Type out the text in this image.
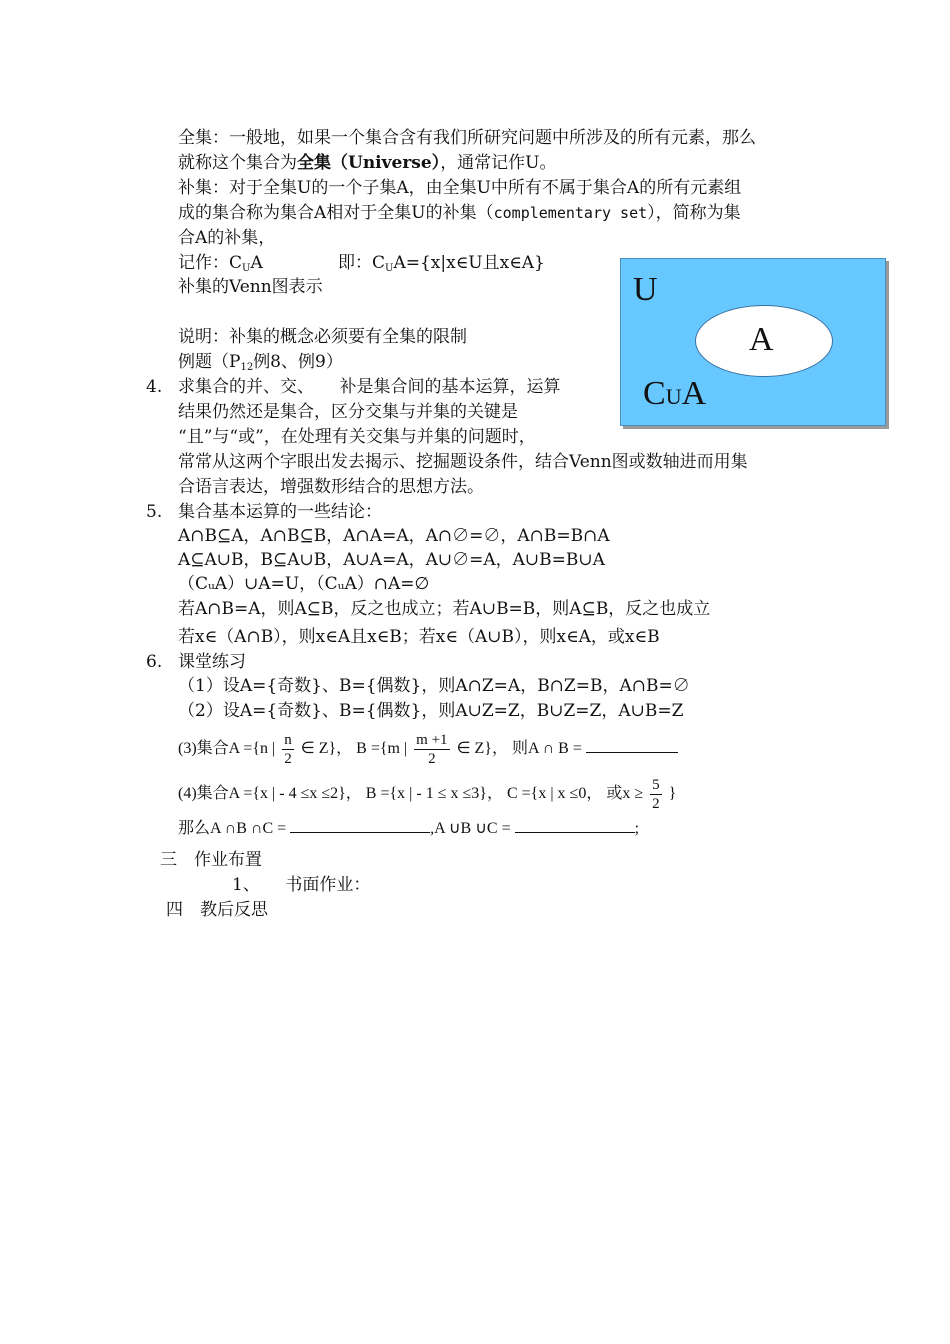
全集：一般地，如果一个集合含有我们所研究问题中所涉及的所有元素，那么
就称这个集合为全集（Universe），通常记作U。
补集：对于全集U的一个子集A，由全集U中所有不属于集合A的所有元素组
成的集合称为集合A相对于全集U的补集（complementary set），简称为集
合A的补集，
记作：$C_UA$	即：$C_UA=\{x|x\in U$且x∈A}
补集的Venn图表示
说明：补集的概念必须要有全集的限制
例题（$P_{12}$例8、例9）
U
A
CUA
4. 求集合的并、交、　　补是集合间的基本运算，运算
结果仍然还是集合，区分交集与并集的关键是
“且”与“或”，在处理有关交集与并集的问题时，
常常从这两个字眼出发去揭示、挖掘题设条件，结合Venn图或数轴进而用集
合语言表达，增强数形结合的思想方法。
5. 集合基本运算的一些结论：
A∩B⊆A，A∩B⊆B，A∩A=A，A∩∅=∅，A∩B=B∩A
A⊆A∪B，B⊆A∪B，A∪A=A，A∪∅=A，A∪B=B∪A
（CᵤA）∪A=U，（CᵤA）∩A=∅
若A∩B=A，则A⊆B，反之也成立；若A∪B=B，则A⊆B，反之也成立
若x∈（A∩B），则x∈A且x∈B；若x∈（A∪B），则x∈A，或x∈B
6. 课堂练习
（1）设A={奇数}、B={偶数}，则A∩Z=A，B∩Z=B，A∩B=∅
（2）设A={奇数}、B={偶数}，则A∪Z=Z，B∪Z=Z，A∪B=Z
(3)集合A ={n | $\frac{n}{2}$ ∈ Z}， B ={m | $\frac{m +1}{2}$ ∈ Z}， 则A ∩ B =
(4)集合A ={x | - 4 ≤x ≤2}， B ={x | - 1 ≤ x ≤3}， C ={x | x ≤0， 或$x \ge \frac{5}{2}$ }
那么A ∩B ∩C =	,A ∪B ∪C =	;
三　作业布置
1、　　书面作业：
四　教后反思
